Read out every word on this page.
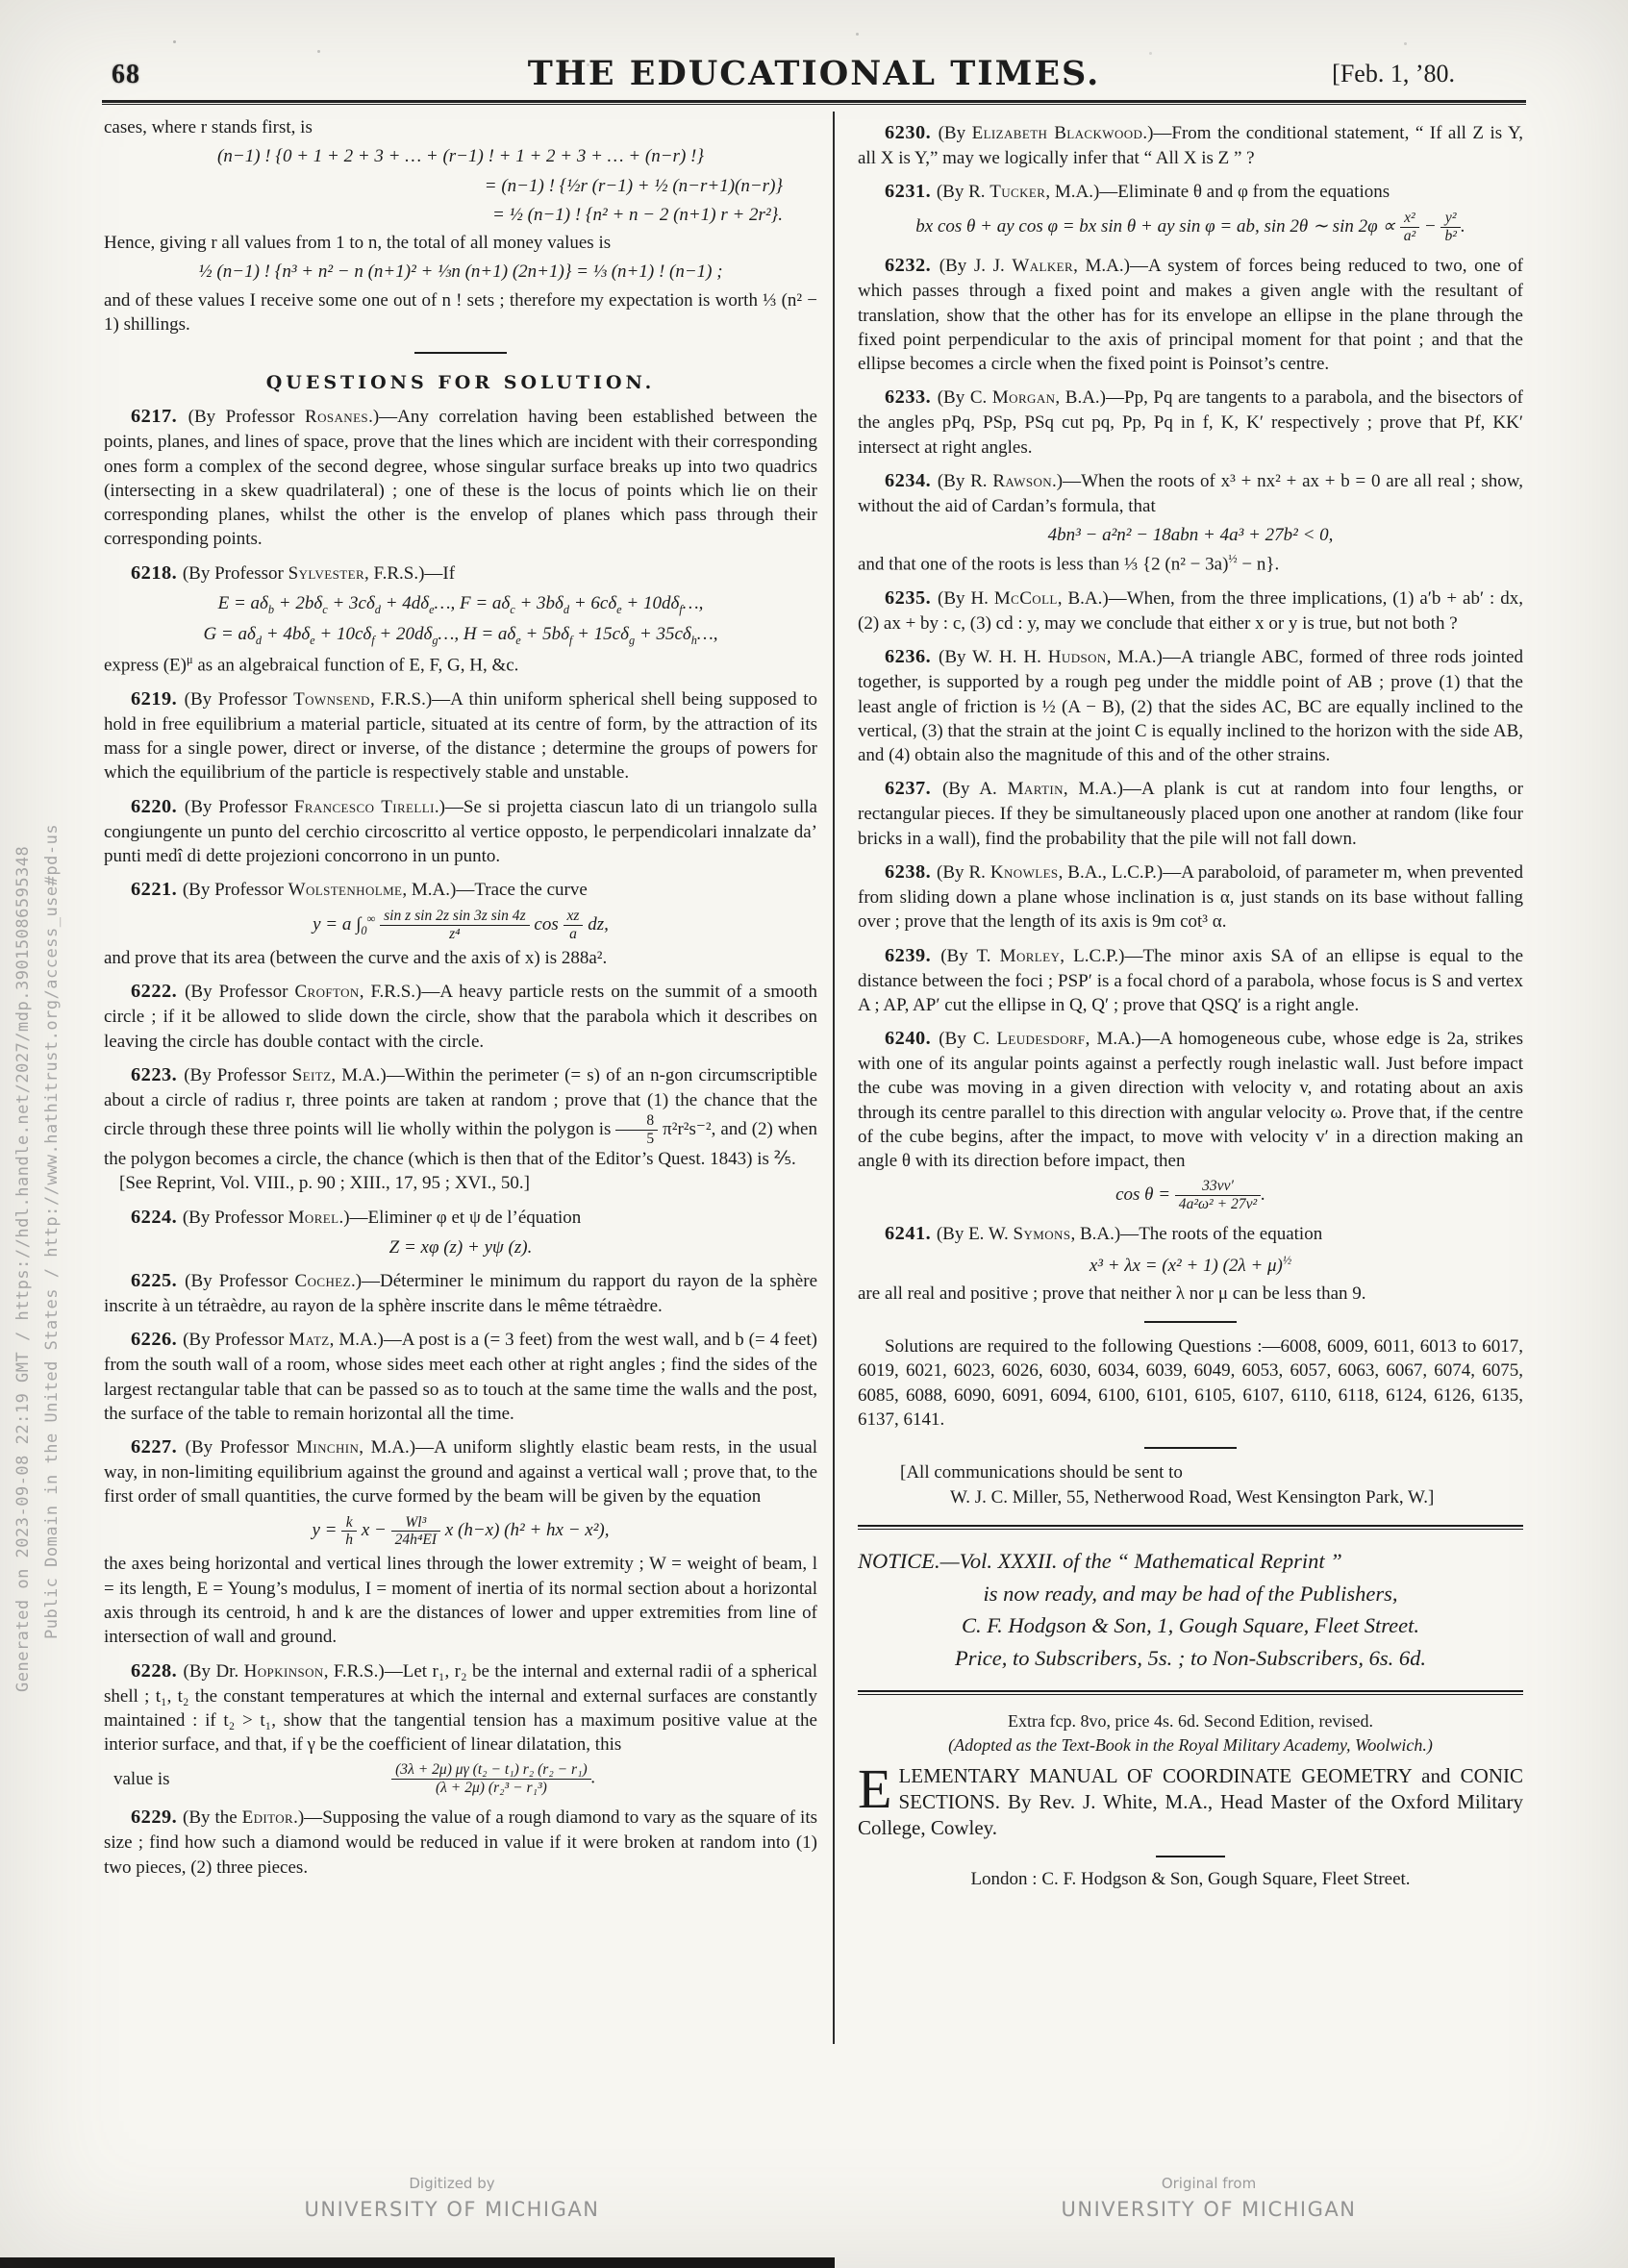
Generated on 2023-09-08 22:19 GMT / https://hdl.handle.net/2027/mdp.39015086595348 Public Domain in the United States / http://www.hathitrust.org/access_use#pd-us
68	THE EDUCATIONAL TIMES.	[Feb. 1, ’80.

cases, where r stands first, is

(n−1) ! {0 + 1 + 2 + 3 + … + (r−1) ! + 1 + 2 + 3 + … + (n−r) !}
= (n−1) ! {½r (r−1) + ½ (n−r+1)(n−r)}
= ½ (n−1) ! {n² + n − 2 (n+1) r + 2r²}.

Hence, giving r all values from 1 to n, the total of all money values is

½ (n−1) ! {n³ + n² − n (n+1)² + ⅓n (n+1) (2n+1)} = ⅓ (n+1) ! (n−1) ;

and of these values I receive some one out of n ! sets ; therefore my expectation is worth ⅓ (n² − 1) shillings.

QUESTIONS FOR SOLUTION.

6217. (By Professor Rosanes.)—Any correlation having been established between the points, planes, and lines of space, prove that the lines which are incident with their corresponding ones form a complex of the second degree, whose singular surface breaks up into two quadrics (intersecting in a skew quadrilateral) ; one of these is the locus of points which lie on their corresponding planes, whilst the other is the envelop of planes which pass through their corresponding points.

6218. (By Professor Sylvester, F.R.S.)—If

$E = a\delta_b + 2b\delta_c + 3c\delta_d$ + $4d\delta_e\dots$, $F = a\delta_c + 3b\delta_d + 6c\delta_e$ + $10d\delta_f\dots$,
$G = a\delta_d + 4b\delta_e + 10c\delta_f$ + $20d\delta_g\dots$, $H = a\delta_e + 5b\delta_f + 15c\delta_g$ + $35c\delta_h\dots$,

express $(E)^\mu$ as an algebraical function of E, F, G, H, &c.

6219. (By Professor Townsend, F.R.S.)—A thin uniform spherical shell being supposed to hold in free equilibrium a material particle, situated at its centre of form, by the attraction of its mass for a single power, direct or inverse, of the distance ; determine the groups of powers for which the equilibrium of the particle is respectively stable and unstable.

6220. (By Professor Francesco Tirelli.)—Se si projetta ciascun lato di un triangolo sulla congiungente un punto del cerchio circoscritto al vertice opposto, le perpendicolari innalzate da’ punti medî di dette projezioni concorrono in un punto.

6221. (By Professor Wolstenholme, M.A.)—Trace the curve

y = a $\int_0^\infty \frac{\text{sin z sin 2z sin 3z sin 4z}}{\text{z⁴}}$ $\cos \frac{xz}{a}$ dz,

and prove that its area (between the curve and the axis of x) is 288a².

6222. (By Professor Crofton, F.R.S.)—A heavy particle rests on the summit of a smooth circle ; if it be allowed to slide down the circle, show that the parabola which it describes on leaving the circle has double contact with the circle.

6223. (By Professor Seitz, M.A.)—Within the perimeter (= s) of an n-gon circumscriptible about a circle of radius r, three points are taken at random ; prove that (1) the chance that the circle through these three points will lie wholly within the polygon is $\frac{8}{5} \pi^2r^2s^{-2}$, and (2) when the polygon becomes a circle, the chance (which is then that of the Editor’s Quest. 1843) is ⅖.

[See Reprint, Vol. VIII., p. 90 ; XIII., 17, 95 ; XVI., 50.]

6224. (By Professor Morel.)—Eliminer φ et ψ de l’équation

Z = xφ (z) + yψ (z).

6225. (By Professor Cochez.)—Déterminer le minimum du rapport du rayon de la sphère inscrite à un tétraèdre, au rayon de la sphère inscrite dans le même tétraèdre.

6226. (By Professor Matz, M.A.)—A post is a (= 3 feet) from the west wall, and b (= 4 feet) from the south wall of a room, whose sides meet each other at right angles ; find the sides of the largest rectangular table that can be passed so as to touch at the same time the walls and the post, the surface of the table to remain horizontal all the time.

6227. (By Professor Minchin, M.A.)—A uniform slightly elastic beam rests, in the usual way, in non-limiting equilibrium against the ground and against a vertical wall ; prove that, to the first order of small quantities, the curve formed by the beam will be given by the equation

$y = \frac{k}{h}$ $x - \frac{\text{Wl³}}{\text{24h⁴EI}}$ x (h−x) (h² + hx − x²),

the axes being horizontal and vertical lines through the lower extremity ; W = weight of beam, l = its length, E = Young’s modulus, I = moment of inertia of its normal section about a horizontal axis through its centroid, h and k are the distances of lower and upper extremities from line of intersection of wall and ground.

6228. (By Dr. Hopkinson, F.R.S.)—Let r₁, r₂ be the internal and external radii of a spherical shell ; t₁, t₂ the constant temperatures at which the internal and external surfaces are constantly maintained : if t₂ > t₁, show that the tangential tension has a maximum positive value at the interior surface, and that, if γ be the coefficient of linear dilatation, this

value is	$\frac{\text{(3λ + 2μ) μγ (t₂ − t₁) r₂ (r₂ − r₁)}}{\text{(λ + 2μ) (r₂³ − r₁³)}}$ .

6229. (By the Editor.)—Supposing the value of a rough diamond to vary as the square of its size ; find how such a diamond would be reduced in value if it were broken at random into (1) two pieces, (2) three pieces.

6230. (By Elizabeth Blackwood.)—From the conditional statement, “ If all Z is Y, all X is Y,” may we logically infer that “ All X is Z ” ?

6231. (By R. Tucker, M.A.)—Eliminate θ and φ from the equations

bx cos θ + ay cos φ = bx sin θ + ay sin φ = ab, sin 2θ ∼ $\sin 2\varphi \propto \frac{\text{x²}}{\text{a²}} - \frac{\text{y²}}{\text{b²}}$ .

6232. (By J. J. Walker, M.A.)—A system of forces being reduced to two, one of which passes through a fixed point and makes a given angle with the resultant of translation, show that the other has for its envelope an ellipse in the plane through the fixed point perpendicular to the axis of principal moment for that point ; and that the ellipse becomes a circle when the fixed point is Poinsot’s centre.

6233. (By C. Morgan, B.A.)—Pp, Pq are tangents to a parabola, and the bisectors of the angles pPq, PSp, PSq cut pq, Pp, Pq in f, K, K′ respectively ; prove that Pf, KK′ intersect at right angles.

6234. (By R. Rawson.)—When the roots of x³ + nx² + ax + b = 0 are all real ; show, without the aid of Cardan’s formula, that

4bn³ − a²n² − 18abn + 4a³ + 27b² < 0,

and that one of the roots is less than ⅓ {2 $(n^2 - 3a)^{\frac{1}{2}} - n$}.

6235. (By H. McColl, B.A.)—When, from the three implications, (1) a′b + ab′ : dx, (2) ax + by : c, (3) cd : y, may we conclude that either x or y is true, but not both ?

6236. (By W. H. H. Hudson, M.A.)—A triangle ABC, formed of three rods jointed together, is supported by a rough peg under the middle point of AB ; prove (1) that the least angle of friction is ½ (A − B), (2) that the sides AC, BC are equally inclined to the vertical, (3) that the strain at the joint C is equally inclined to the horizon with the side AB, and (4) obtain also the magnitude of this and of the other strains.

6237. (By A. Martin, M.A.)—A plank is cut at random into four lengths, or rectangular pieces. If they be simultaneously placed upon one another at random (like four bricks in a wall), find the probability that the pile will not fall down.

6238. (By R. Knowles, B.A., L.C.P.)—A paraboloid, of parameter m, when prevented from sliding down a plane whose inclination is α, just stands on its base without falling over ; prove that the length of its axis is 9m cot³ α.

6239. (By T. Morley, L.C.P.)—The minor axis SA of an ellipse is equal to the distance between the foci ; PSP′ is a focal chord of a parabola, whose focus is S and vertex A ; AP, AP′ cut the ellipse in Q, Q′ ; prove that QSQ′ is a right angle.

6240. (By C. Leudesdorf, M.A.)—A homogeneous cube, whose edge is 2a, strikes with one of its angular points against a perfectly rough inelastic wall. Just before impact the cube was moving in a given direction with velocity v, and rotating about an axis through its centre parallel to this direction with angular velocity ω. Prove that, if the centre of the cube begins, after the impact, to move with velocity v′ in a direction making an angle θ with its direction before impact, then

$\cos \theta = \frac{33vv'}{\text{4a²ω² + 27v²}}$ .

6241. (By E. W. Symons, B.A.)—The roots of the equation

x³ + λx = (x² + 1) $(2\lambda + \mu)^{\frac{1}{2}}$

are all real and positive ; prove that neither λ nor μ can be less than 9.

Solutions are required to the following Questions :—6008, 6009, 6011, 6013 to 6017, 6019, 6021, 6023, 6026, 6030, 6034, 6039, 6049, 6053, 6057, 6063, 6067, 6074, 6075, 6085, 6088, 6090, 6091, 6094, 6100, 6101, 6105, 6107, 6110, 6118, 6124, 6126, 6135, 6137, 6141.

[All communications should be sent to

W. J. C. Miller, 55, Netherwood Road, West Kensington Park, W.]

NOTICE.—Vol. XXXII. of the “ Mathematical Reprint ”

is now ready, and may be had of the Publishers,

C. F. Hodgson & Son, 1, Gough Square, Fleet Street.

Price, to Subscribers, 5s. ; to Non-Subscribers, 6s. 6d.

Extra fcp. 8vo, price 4s. 6d. Second Edition, revised.

(Adopted as the Text-Book in the Royal Military Academy, Woolwich.)

ELEMENTARY MANUAL OF COORDINATE GEOMETRY and CONIC SECTIONS. By Rev. J. White, M.A., Head Master of the Oxford Military College, Cowley.

London : C. F. Hodgson & Son, Gough Square, Fleet Street.

Digitized by
UNIVERSITY OF MICHIGAN
Original from
UNIVERSITY OF MICHIGAN
